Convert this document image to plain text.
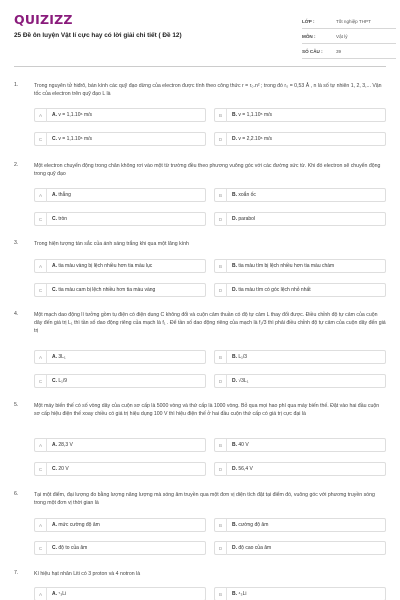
QUIZIZZ
25 Đề ôn luyện Vật lí cực hay có lời giải chi tiết ( Đề 12)
LỚP :	Tốt nghiệp THPT
MÔN :	Vật lý
SỐ CÂU :	39
1.	Trong nguyên tử hiđrô, bán kính các quỹ đạo dừng của electron được tính theo công thức r = r₀.n² ; trong đó r₀ = 0,53 Å , n là số tự nhiên 1, 2, 3,... Vận tốc của electron trên quỹ đạo L là
A	A. v = 1,1.10⁶ m/s	B	B. v = 1,1.10⁵ m/s
C	C. v = 1,1.10⁶ m/s	D	D. v = 2,2.10⁶ m/s
2.	Một electron chuyển động trong chân không rơi vào một từ trường đều theo phương vuông góc với các đường sức từ. Khi đó electron sẽ chuyển động trong quỹ đạo
A	A. thẳng	B	B. xoắn ốc
C	C. tròn	D	D. parabol
3.	Trong hiện tượng tán sắc của ánh sáng trắng khi qua một lăng kính
A	A. tia màu vàng bị lệch nhiều hơn tia màu lục	B	B. tia màu tím bị lệch nhiều hơn tia màu chàm
C	C. tia màu cam bị lệch nhiều hơn tia màu vàng	D	D. tia màu tím có góc lệch nhỏ nhất
4.	Một mạch dao động lí tưởng gồm tụ điện có điện dung C không đổi và cuộn cảm thuần có độ tự cảm L thay đổi được. Điều chỉnh độ tự cảm của cuộn dây đến giá trị L₁ thì tần số dao động riêng của mạch là f₁ . Để tần số dao động riêng của mạch là f₁/3 thì phải điều chỉnh độ tự cảm của cuộn dây đến giá trị
A	A. 3L₁	B	B. L₁/3
C	C. L₁/9	D	D. √3L₁
5.	Một máy biến thế có số vòng dây của cuộn sơ cấp là 5000 vòng và thứ cấp là 1000 vòng. Bỏ qua mọi hao phí qua máy biến thế. Đặt vào hai đầu cuộn sơ cấp hiệu điện thế xoay chiều có giá trị hiệu dụng 100 V thì hiệu điện thế ở hai đầu cuộn thứ cấp có giá trị cực đại là
A	A. 28,3 V	B	B. 40 V
C	C. 20 V	D	D. 56,4 V
6.	Tại một điểm, đại lượng đo bằng lượng năng lượng mà sóng âm truyền qua một đơn vị diện tích đặt tại điểm đó, vuông góc với phương truyền sóng trong một đơn vị thời gian là
A	A. mức cường độ âm	B	B. cường độ âm
C	C. độ to của âm	D	D. độ cao của âm
7.	Kí hiệu hạt nhân Liti có 3 proton và 4 notron là
A	A. ⁷₃Li	B	B. ⁴₃Li
